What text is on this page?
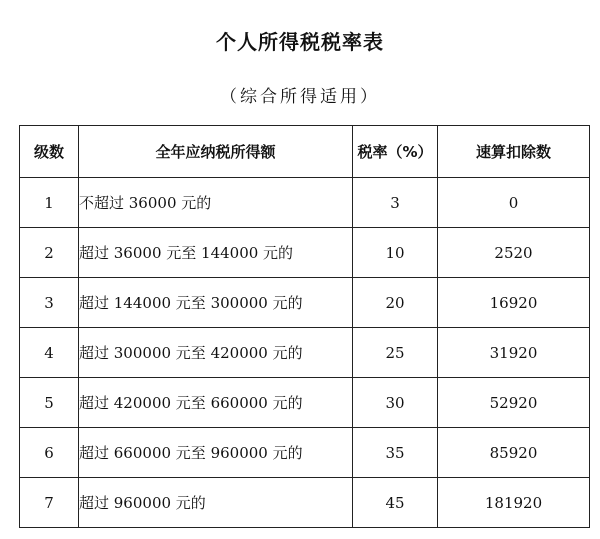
个人所得税税率表
（综合所得适用）
级数	全年应纳税所得额	税率（%）	速算扣除数
1	不超过 36000 元的	3	0
2	超过 36000 元至 144000 元的	10	2520
3	超过 144000 元至 300000 元的	20	16920
4	超过 300000 元至 420000 元的	25	31920
5	超过 420000 元至 660000 元的	30	52920
6	超过 660000 元至 960000 元的	35	85920
7	超过 960000 元的	45	181920
